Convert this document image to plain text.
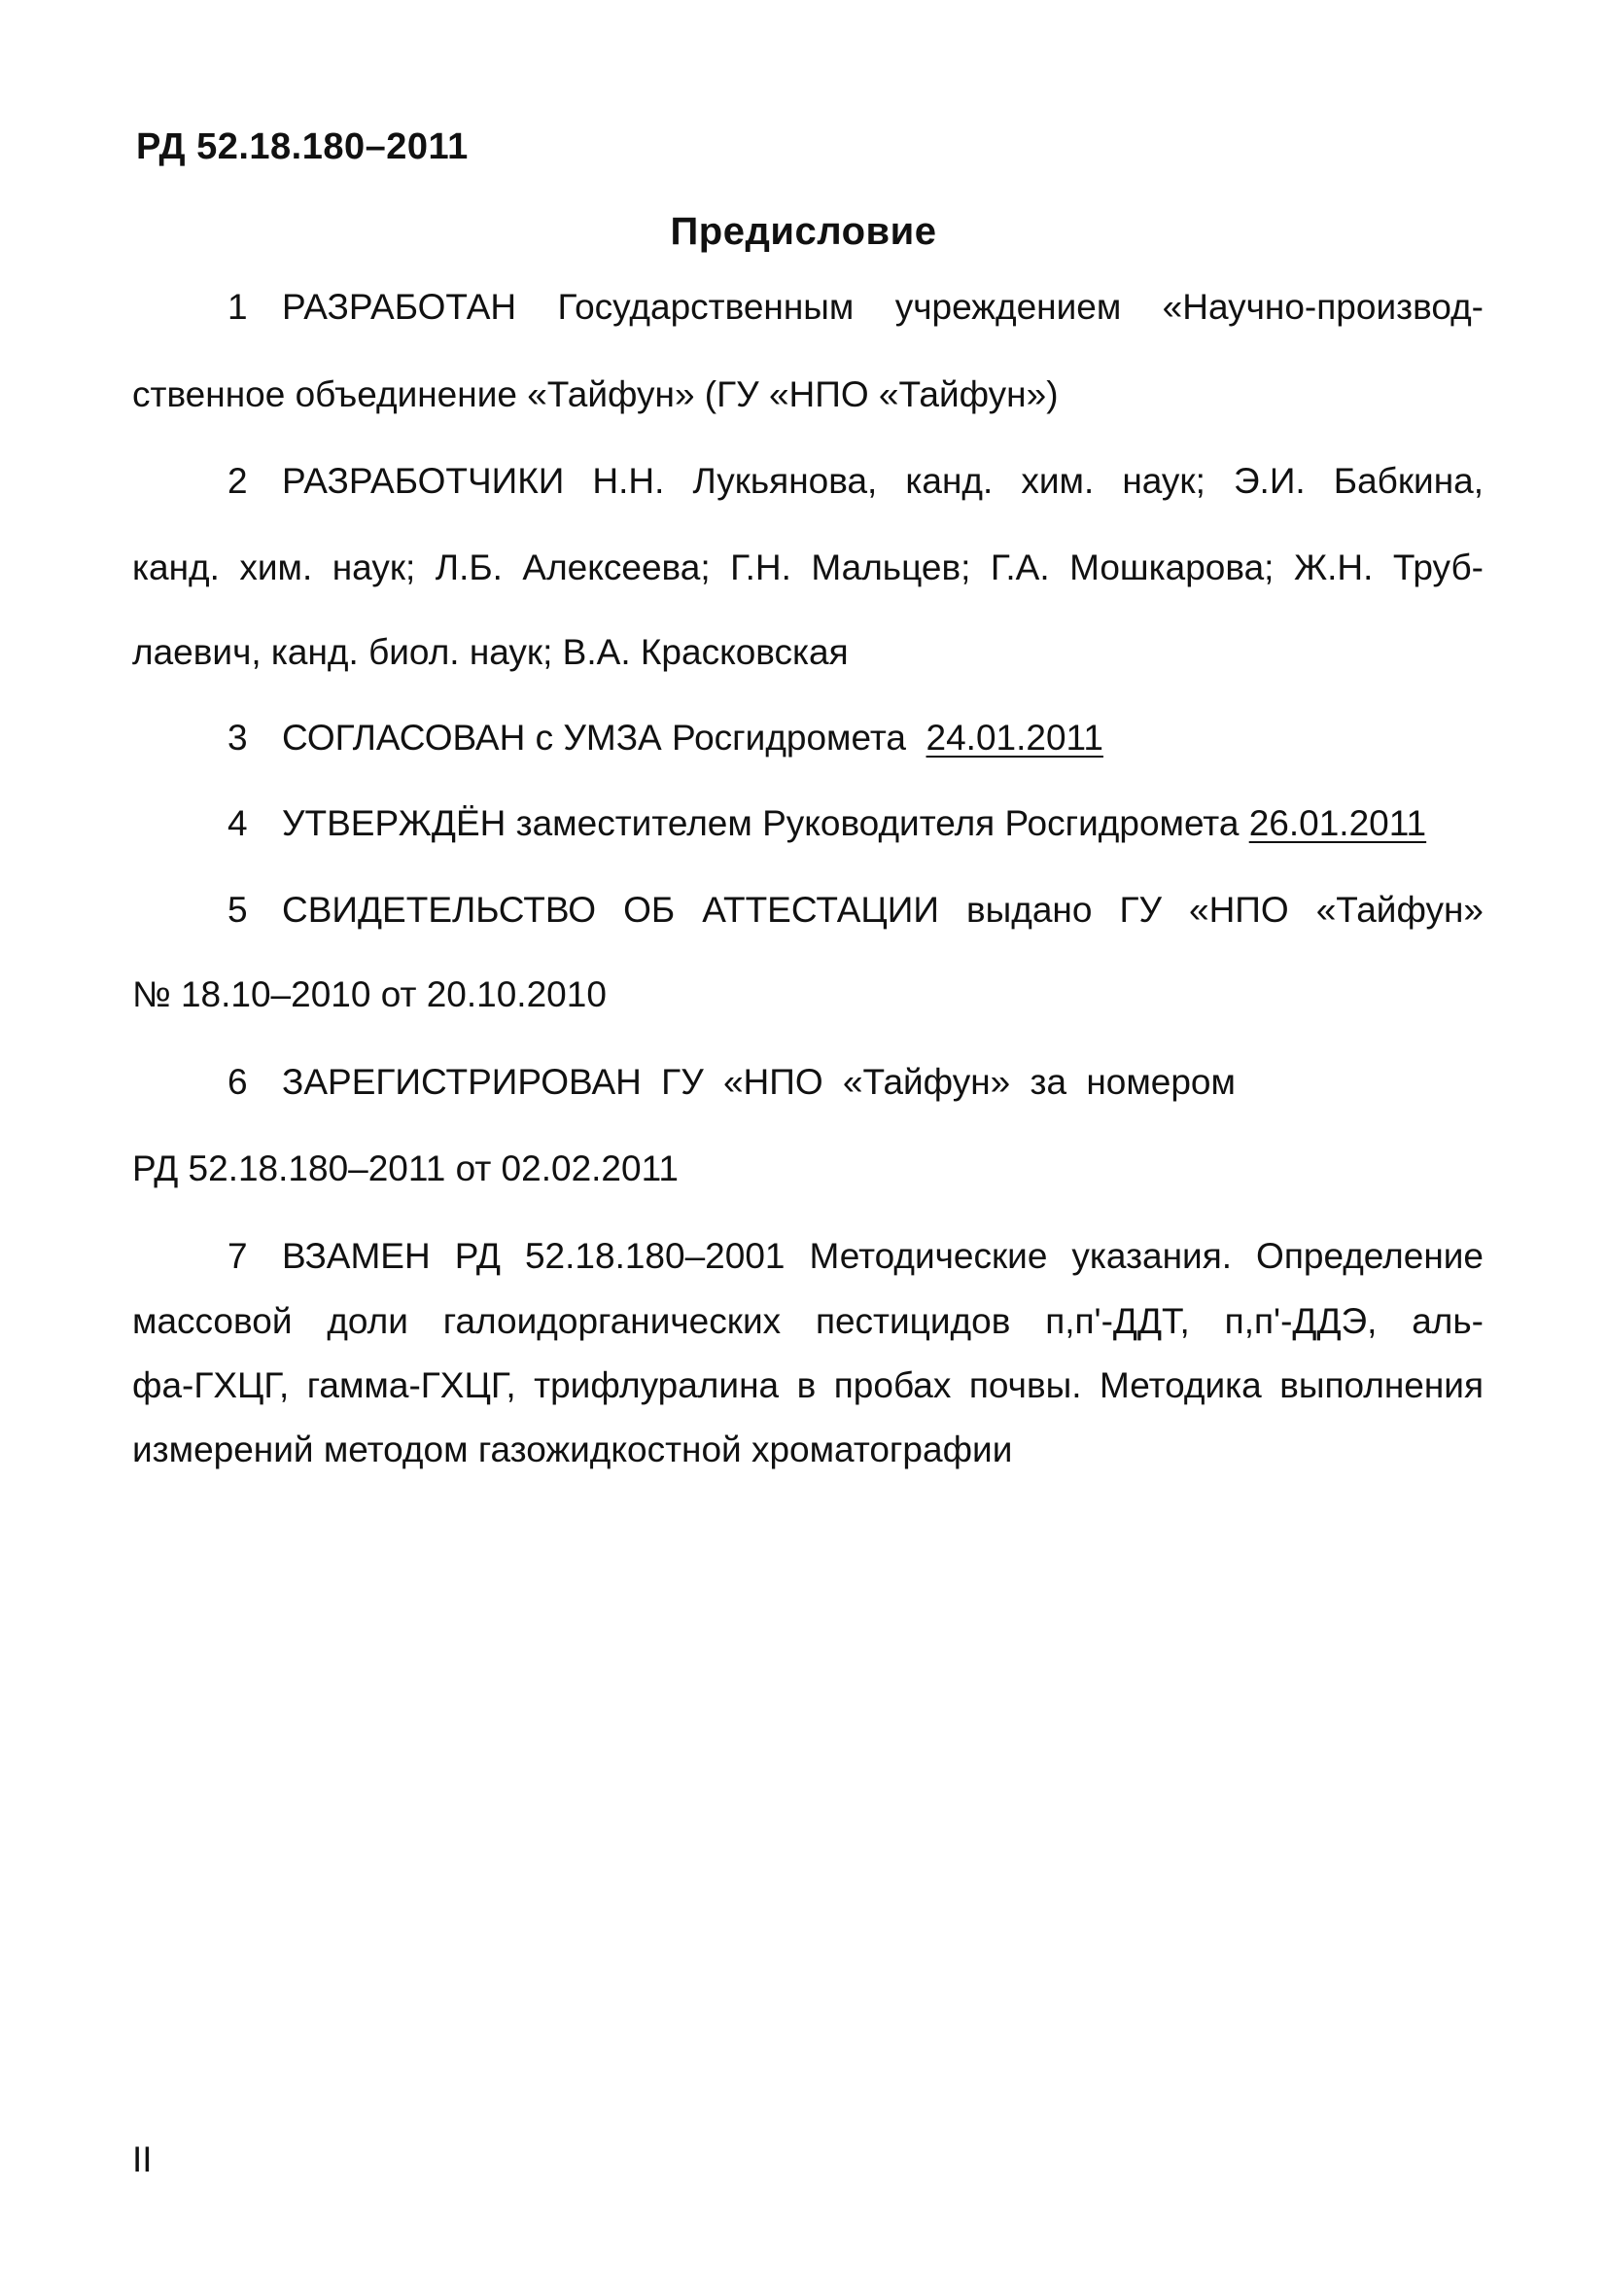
РД 52.18.180–2011
Предисловие
1 РАЗРАБОТАН Государственным учреждением «Научно-производ-
ственное объединение «Тайфун» (ГУ «НПО «Тайфун»)
2 РАЗРАБОТЧИКИ Н.Н. Лукьянова, канд. хим. наук; Э.И. Бабкина,
канд. хим. наук; Л.Б. Алексеева; Г.Н. Мальцев; Г.А. Мошкарова; Ж.Н. Труб-
лаевич, канд. биол. наук; В.А. Красковская
3 СОГЛАСОВАН с УМЗА Росгидромета 24.01.2011
4 УТВЕРЖДЁН заместителем Руководителя Росгидромета 26.01.2011
5 СВИДЕТЕЛЬСТВО ОБ АТТЕСТАЦИИ выдано ГУ «НПО «Тайфун»
№ 18.10–2010 от 20.10.2010
6 ЗАРЕГИСТРИРОВАН ГУ «НПО «Тайфун» за номером
РД 52.18.180–2011 от 02.02.2011
7 ВЗАМЕН РД 52.18.180–2001 Методические указания. Определение
массовой доли галоидорганических пестицидов п,п'-ДДТ, п,п'-ДДЭ, аль-
фа-ГХЦГ, гамма-ГХЦГ, трифлуралина в пробах почвы. Методика выполнения
измерений методом газожидкостной хроматографии
II
